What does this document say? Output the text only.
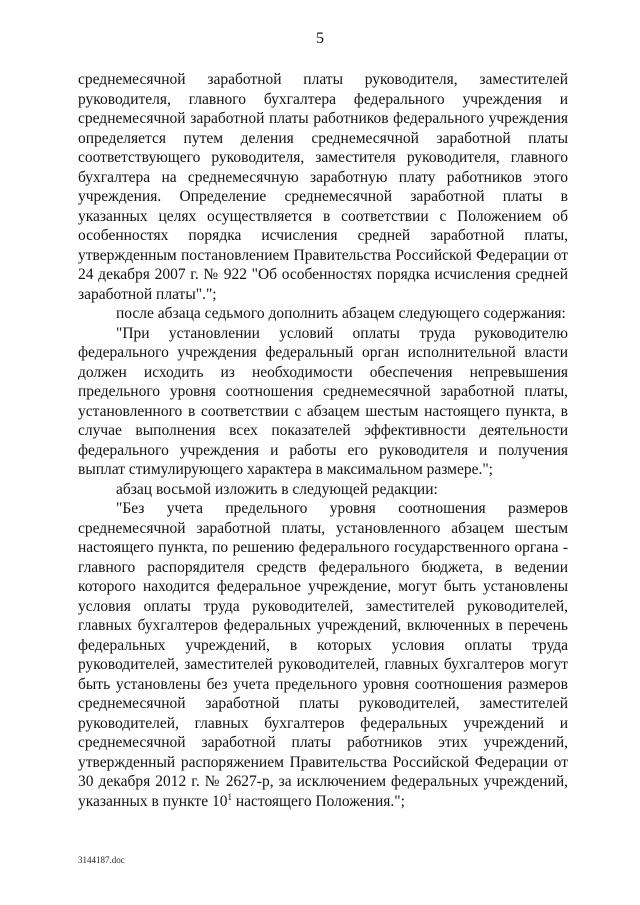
5

среднемесячной заработной платы руководителя, заместителей руководителя, главного бухгалтера федерального учреждения и среднемесячной заработной платы работников федерального учреждения определяется путем деления среднемесячной заработной платы соответствующего руководителя, заместителя руководителя, главного бухгалтера на среднемесячную заработную плату работников этого учреждения. Определение среднемесячной заработной платы в указанных целях осуществляется в соответствии с Положением об особенностях порядка исчисления средней заработной платы, утвержденным постановлением Правительства Российской Федерации от 24 декабря 2007 г. № 922 "Об особенностях порядка исчисления средней заработной платы".";

после абзаца седьмого дополнить абзацем следующего содержания:

"При установлении условий оплаты труда руководителю федерального учреждения федеральный орган исполнительной власти должен исходить из необходимости обеспечения непревышения предельного уровня соотношения среднемесячной заработной платы, установленного в соответствии с абзацем шестым настоящего пункта, в случае выполнения всех показателей эффективности деятельности федерального учреждения и работы его руководителя и получения выплат стимулирующего характера в максимальном размере.";

абзац восьмой изложить в следующей редакции:

"Без учета предельного уровня соотношения размеров среднемесячной заработной платы, установленного абзацем шестым настоящего пункта, по решению федерального государственного органа - главного распорядителя средств федерального бюджета, в ведении которого находится федеральное учреждение, могут быть установлены условия оплаты труда руководителей, заместителей руководителей, главных бухгалтеров федеральных учреждений, включенных в перечень федеральных учреждений, в которых условия оплаты труда руководителей, заместителей руководителей, главных бухгалтеров могут быть установлены без учета предельного уровня соотношения размеров среднемесячной заработной платы руководителей, заместителей руководителей, главных бухгалтеров федеральных учреждений и среднемесячной заработной платы работников этих учреждений, утвержденный распоряжением Правительства Российской Федерации от 30 декабря 2012 г. № 2627-р, за исключением федеральных учреждений, указанных в пункте 10$^1$ настоящего Положения.";

3144187.doc
